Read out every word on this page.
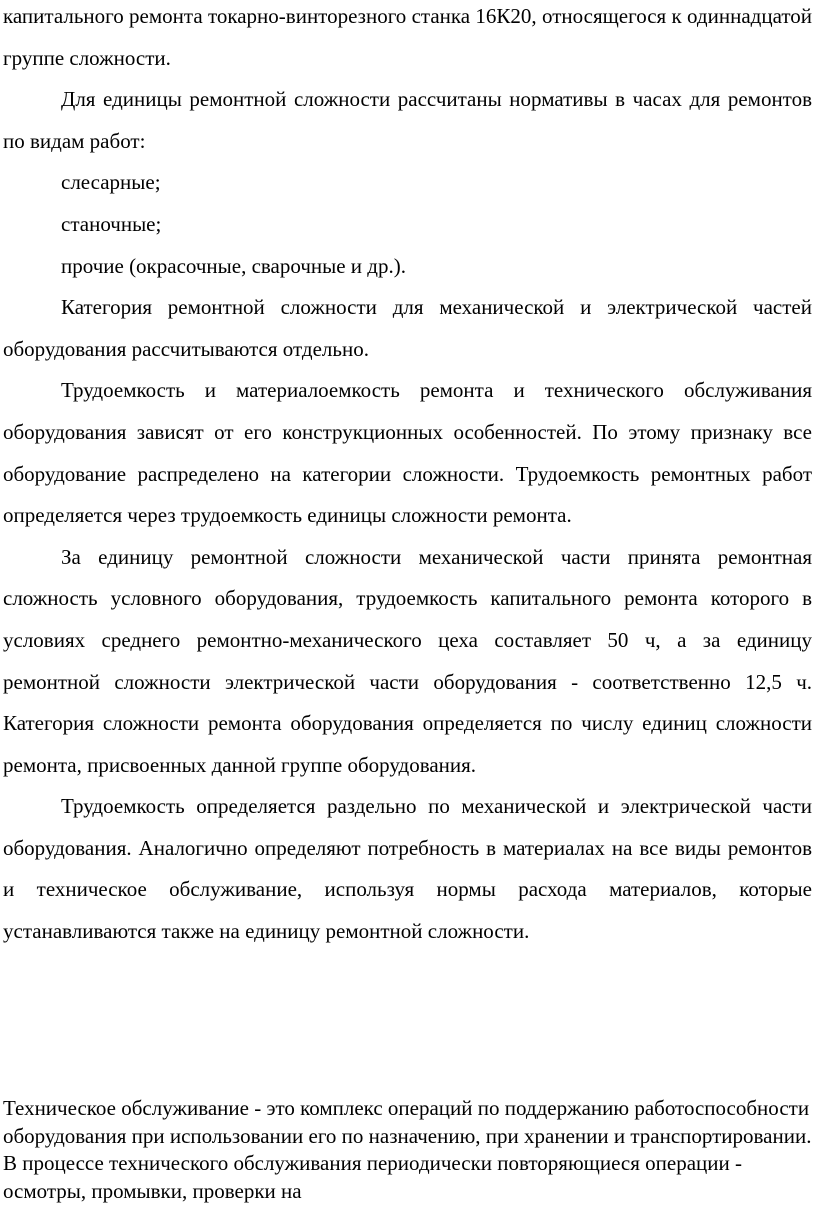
капитального ремонта токарно-винторезного станка 16К20, относящегося к одиннадцатой группе сложности.

Для единицы ремонтной сложности рассчитаны нормативы в часах для ремонтов по видам работ:

слесарные;

станочные;

прочие (окрасочные, сварочные и др.).

Категория ремонтной сложности для механической и электрической частей оборудования рассчитываются отдельно.

Трудоемкость и материалоемкость ремонта и технического обслуживания оборудования зависят от его конструкционных особенностей. По этому признаку все оборудование распределено на категории сложности. Трудоемкость ремонтных работ определяется через трудоемкость единицы сложности ремонта.

За единицу ремонтной сложности механической части принята ремонтная сложность условного оборудования, трудоемкость капитального ремонта которого в условиях среднего ремонтно-механического цеха составляет 50 ч, а за единицу ремонтной сложности электрической части оборудования - соответственно 12,5 ч. Категория сложности ремонта оборудования определяется по числу единиц сложности ремонта, присвоенных данной группе оборудования.

Трудоемкость определяется раздельно по механической и электрической части оборудования. Аналогично определяют потребность в материалах на все виды ремонтов и техническое обслуживание, используя нормы расхода материалов, которые устанавливаются также на единицу ремонтной сложности.

Техническое обслуживание - это комплекс операций по поддержанию работоспособности оборудования при использовании его по назначению, при хранении и транспортировании. В процессе технического обслуживания периодически повторяющиеся операции - осмотры, промывки, проверки на
